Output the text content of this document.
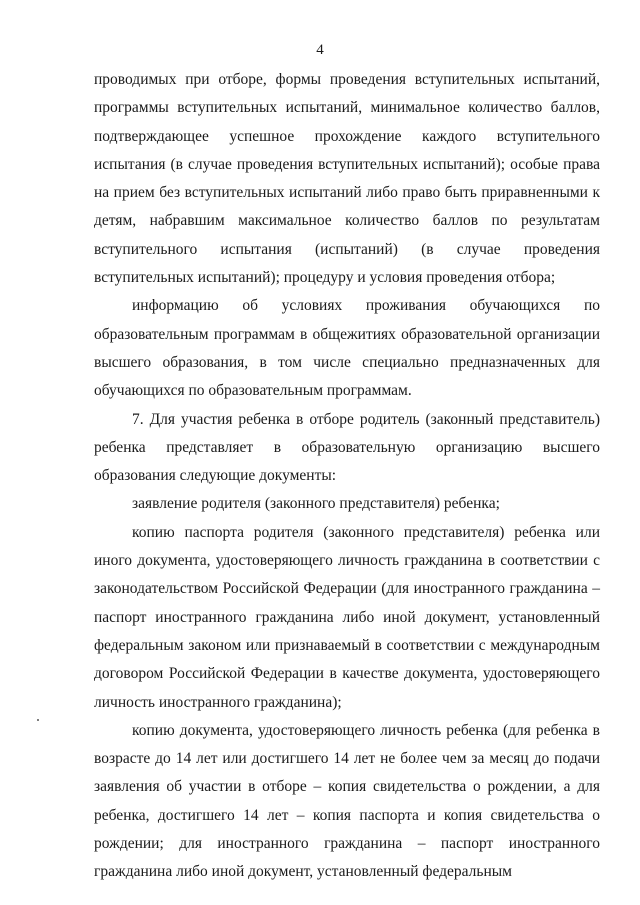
4

проводимых при отборе, формы проведения вступительных испытаний, программы вступительных испытаний, минимальное количество баллов, подтверждающее успешное прохождение каждого вступительного испытания (в случае проведения вступительных испытаний); особые права на прием без вступительных испытаний либо право быть приравненными к детям, набравшим максимальное количество баллов по результатам вступительного испытания (испытаний) (в случае проведения вступительных испытаний); процедуру и условия проведения отбора;

информацию об условиях проживания обучающихся по образовательным программам в общежитиях образовательной организации высшего образования, в том числе специально предназначенных для обучающихся по образовательным программам.

7. Для участия ребенка в отборе родитель (законный представитель) ребенка представляет в образовательную организацию высшего образования следующие документы:

заявление родителя (законного представителя) ребенка;

копию паспорта родителя (законного представителя) ребенка или иного документа, удостоверяющего личность гражданина в соответствии с законодательством Российской Федерации (для иностранного гражданина – паспорт иностранного гражданина либо иной документ, установленный федеральным законом или признаваемый в соответствии с международным договором Российской Федерации в качестве документа, удостоверяющего личность иностранного гражданина);

копию документа, удостоверяющего личность ребенка (для ребенка в возрасте до 14 лет или достигшего 14 лет не более чем за месяц до подачи заявления об участии в отборе – копия свидетельства о рождении, а для ребенка, достигшего 14 лет – копия паспорта и копия свидетельства о рождении; для иностранного гражданина – паспорт иностранного гражданина либо иной документ, установленный федеральным
